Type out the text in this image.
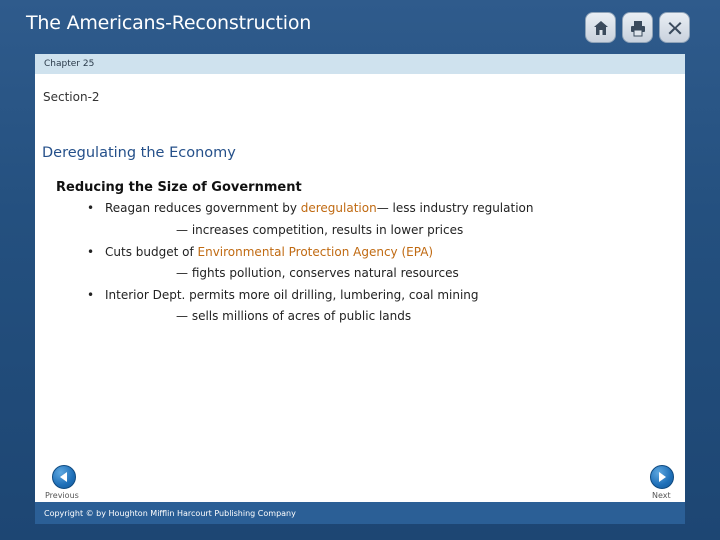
The Americans-Reconstruction
Chapter 25
Section-2
Deregulating the Economy
Reducing the Size of Government
• Reagan reduces government by deregulation— less industry regulation
— increases competition, results in lower prices
• Cuts budget of Environmental Protection Agency (EPA)
— fights pollution, conserves natural resources
• Interior Dept. permits more oil drilling, lumbering, coal mining
— sells millions of acres of public lands
Previous	Next
Copyright © by Houghton Mifflin Harcourt Publishing Company
